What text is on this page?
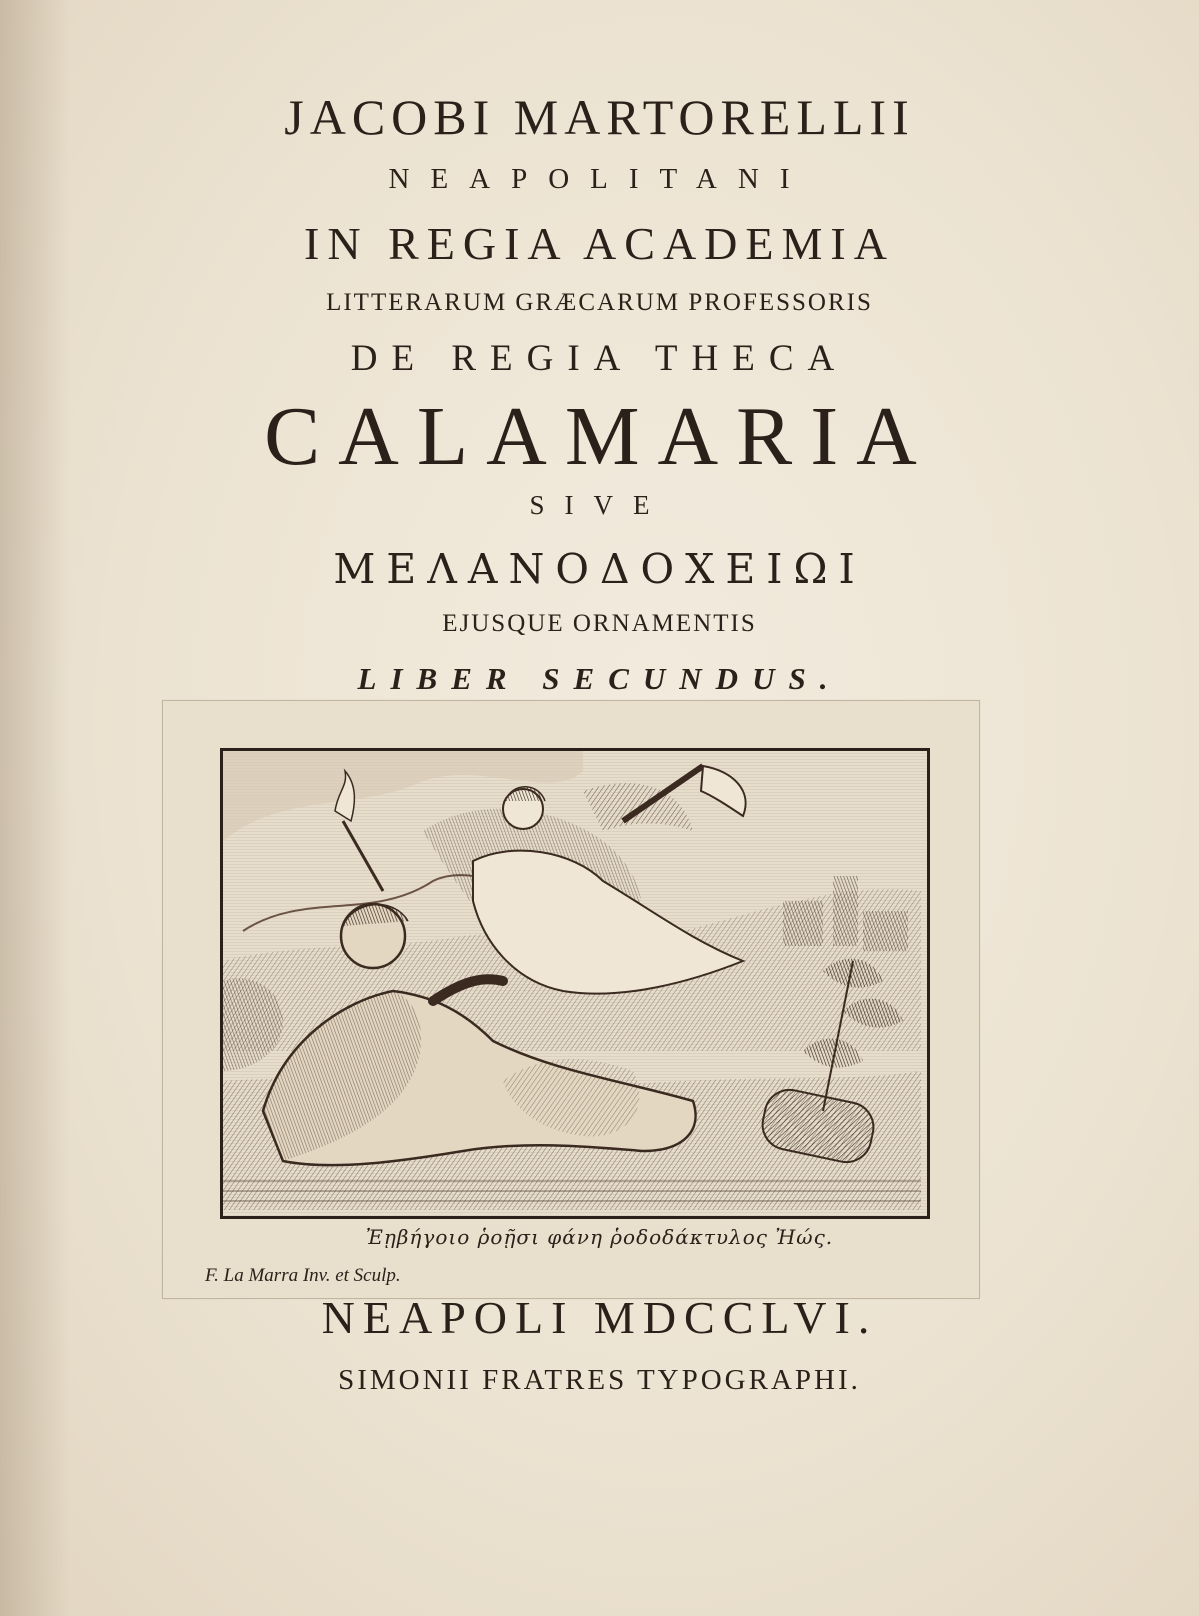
JACOBI MARTORELLII
NEAPOLITANI
IN REGIA ACADEMIA
LITTERARUM GRÆCARUM PROFESSORIS
DE REGIA THECA
CALAMARIA
SIVE
ΜΕΛΑΝΟΔΟΧΕΙΩΙ
EJUSQUE ORNAMENTIS
LIBER SECUNDUS.
Ἐῃβήγοιο ῥοῇσι φάνη ῥοδοδάκτυλος Ἠώς.
F. La Marra Inv. et Sculp.
NEAPOLI MDCCLVI.
SIMONII FRATRES TYPOGRAPHI.
